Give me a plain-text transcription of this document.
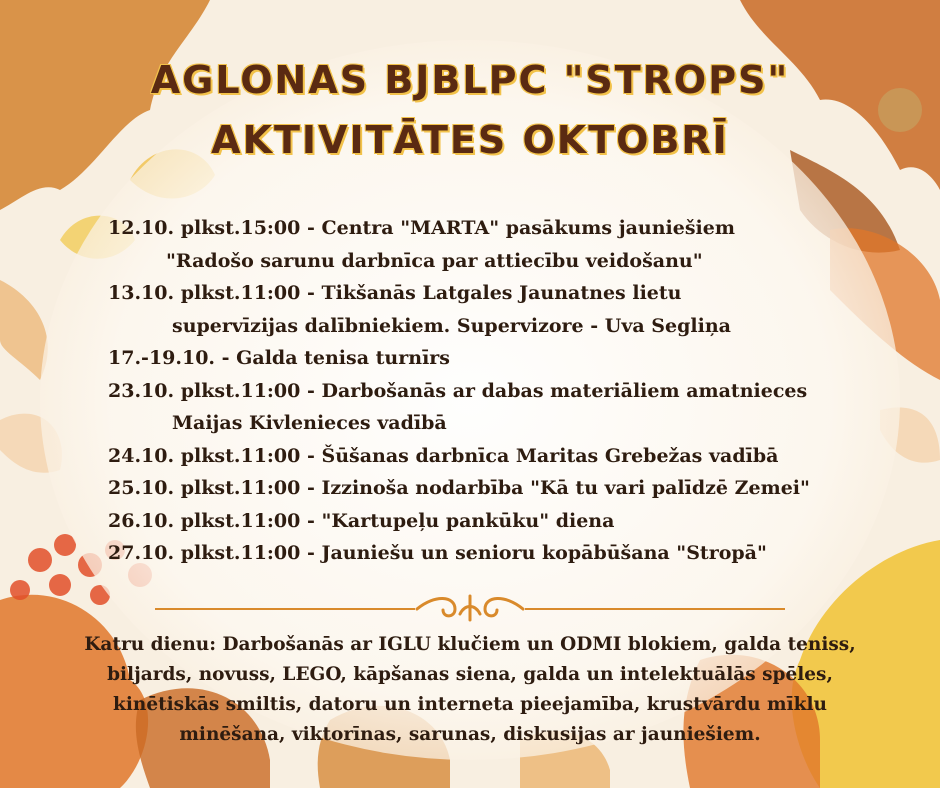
AGLONAS BJBLPC "STROPS"
AKTIVITĀTES OKTOBRĪ
12.10. plkst.15:00 - Centra "MARTA" pasākums jauniešiem
"Radošo sarunu darbnīca par attiecību veidošanu"
13.10. plkst.11:00 - Tikšanās Latgales Jaunatnes lietu
supervīzijas dalībniekiem. Supervizore - Uva Segliņa
17.-19.10. - Galda tenisa turnīrs
23.10. plkst.11:00 - Darbošanās ar dabas materiāliem amatnieces
Maijas Kivlenieces vadībā
24.10. plkst.11:00 - Šūšanas darbnīca Maritas Grebežas vadībā
25.10. plkst.11:00 - Izzinoša nodarbība "Kā tu vari palīdzē Zemei"
26.10. plkst.11:00 - "Kartupeļu pankūku" diena
27.10. plkst.11:00 - Jauniešu un senioru kopābūšana "Stropā"
Katru dienu: Darbošanās ar IGLU klučiem un ODMI blokiem, galda teniss,
biljards, novuss, LEGO, kāpšanas siena, galda un intelektuālās spēles,
kinētiskās smiltis, datoru un interneta pieejamība, krustvārdu mīklu
minēšana, viktorīnas, sarunas, diskusijas ar jauniešiem.
